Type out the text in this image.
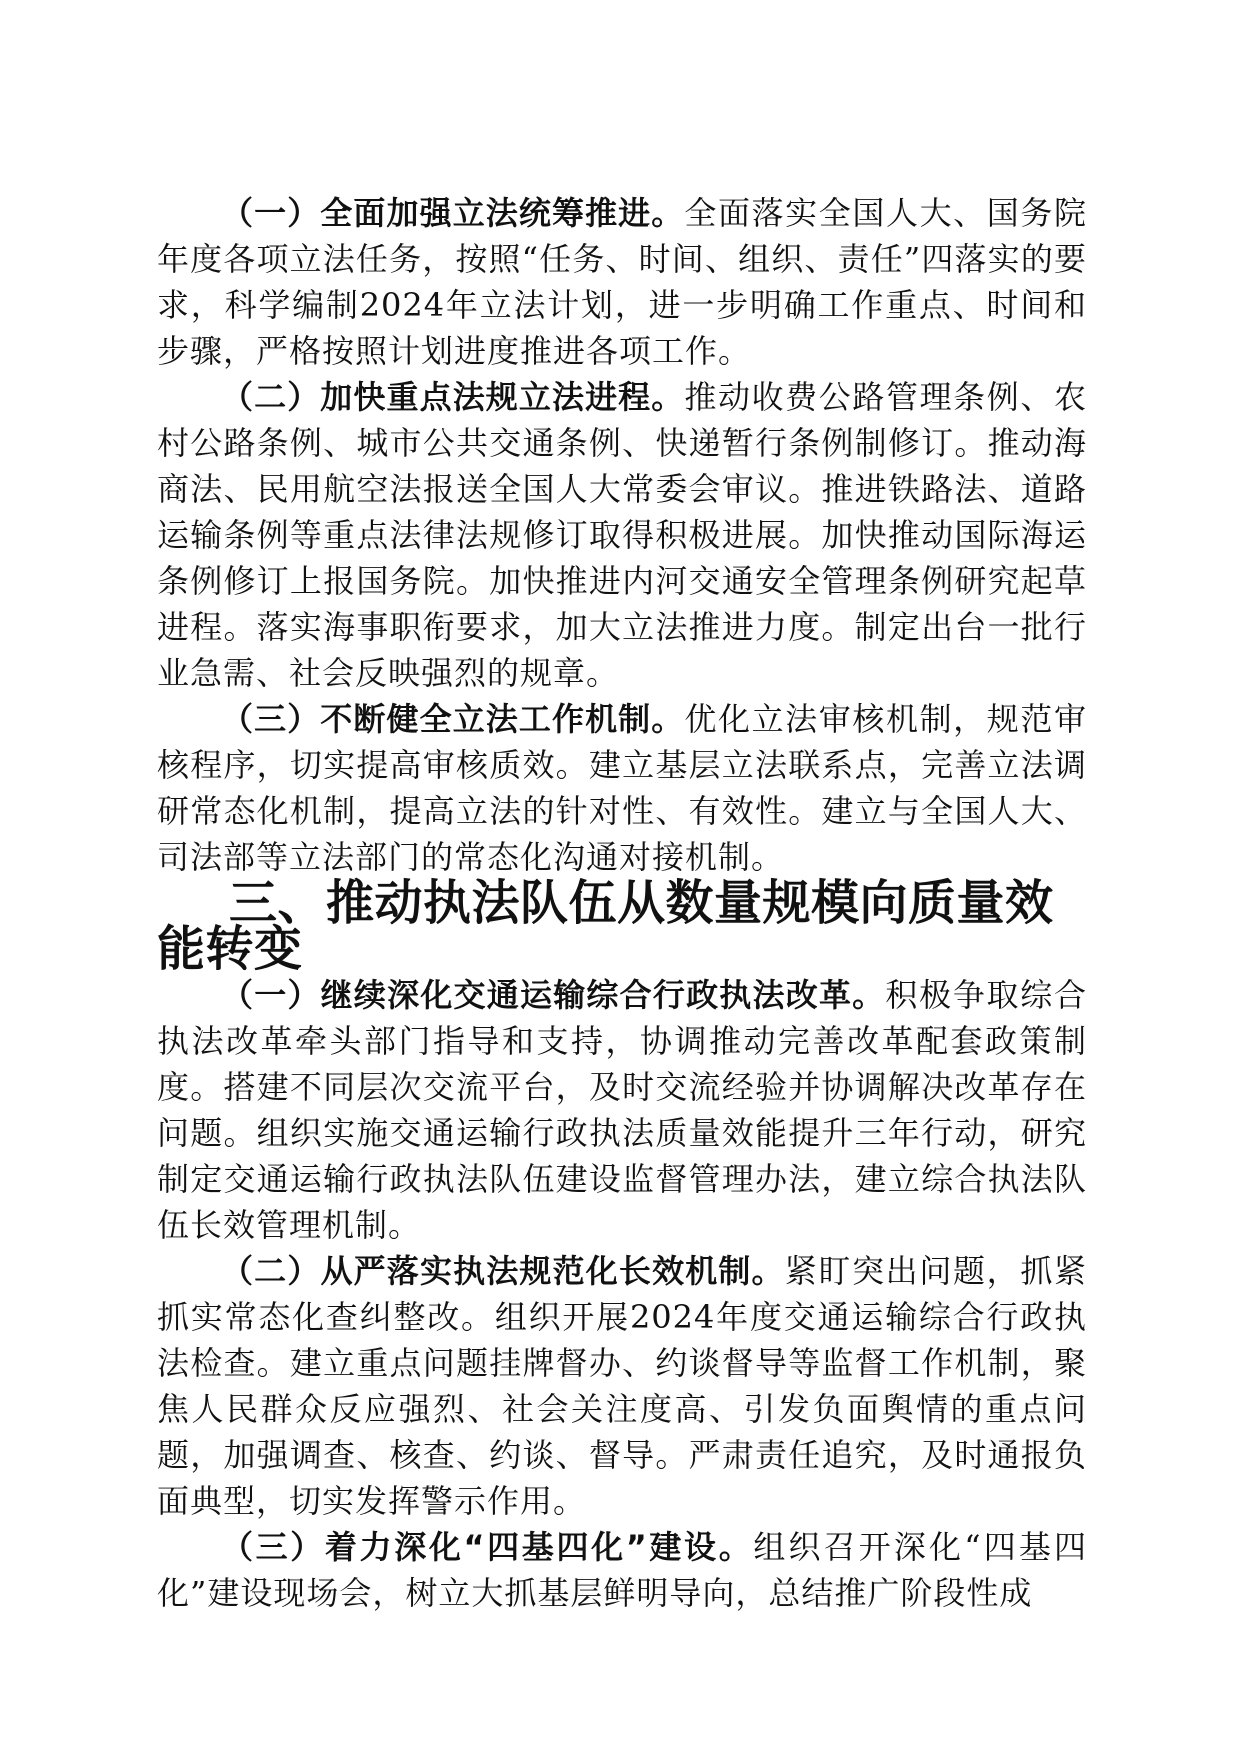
（一）全面加强立法统筹推进。全面落实全国人大、国务院年度各项立法任务，按照“任务、时间、组织、责任”四落实的要求，科学编制2024年立法计划，进一步明确工作重点、时间和步骤，严格按照计划进度推进各项工作。

（二）加快重点法规立法进程。推动收费公路管理条例、农村公路条例、城市公共交通条例、快递暂行条例制修订。推动海商法、民用航空法报送全国人大常委会审议。推进铁路法、道路运输条例等重点法律法规修订取得积极进展。加快推动国际海运条例修订上报国务院。加快推进内河交通安全管理条例研究起草进程。落实海事职衔要求，加大立法推进力度。制定出台一批行业急需、社会反映强烈的规章。

（三）不断健全立法工作机制。优化立法审核机制，规范审核程序，切实提高审核质效。建立基层立法联系点，完善立法调研常态化机制，提高立法的针对性、有效性。建立与全国人大、司法部等立法部门的常态化沟通对接机制。

三、推动执法队伍从数量规模向质量效能转变

（一）继续深化交通运输综合行政执法改革。积极争取综合执法改革牵头部门指导和支持，协调推动完善改革配套政策制度。搭建不同层次交流平台，及时交流经验并协调解决改革存在问题。组织实施交通运输行政执法质量效能提升三年行动，研究制定交通运输行政执法队伍建设监督管理办法，建立综合执法队伍长效管理机制。

（二）从严落实执法规范化长效机制。紧盯突出问题，抓紧抓实常态化查纠整改。组织开展2024年度交通运输综合行政执法检查。建立重点问题挂牌督办、约谈督导等监督工作机制，聚焦人民群众反应强烈、社会关注度高、引发负面舆情的重点问题，加强调查、核查、约谈、督导。严肃责任追究，及时通报负面典型，切实发挥警示作用。

（三）着力深化“四基四化”建设。组织召开深化“四基四化”建设现场会，树立大抓基层鲜明导向，总结推广阶段性成
